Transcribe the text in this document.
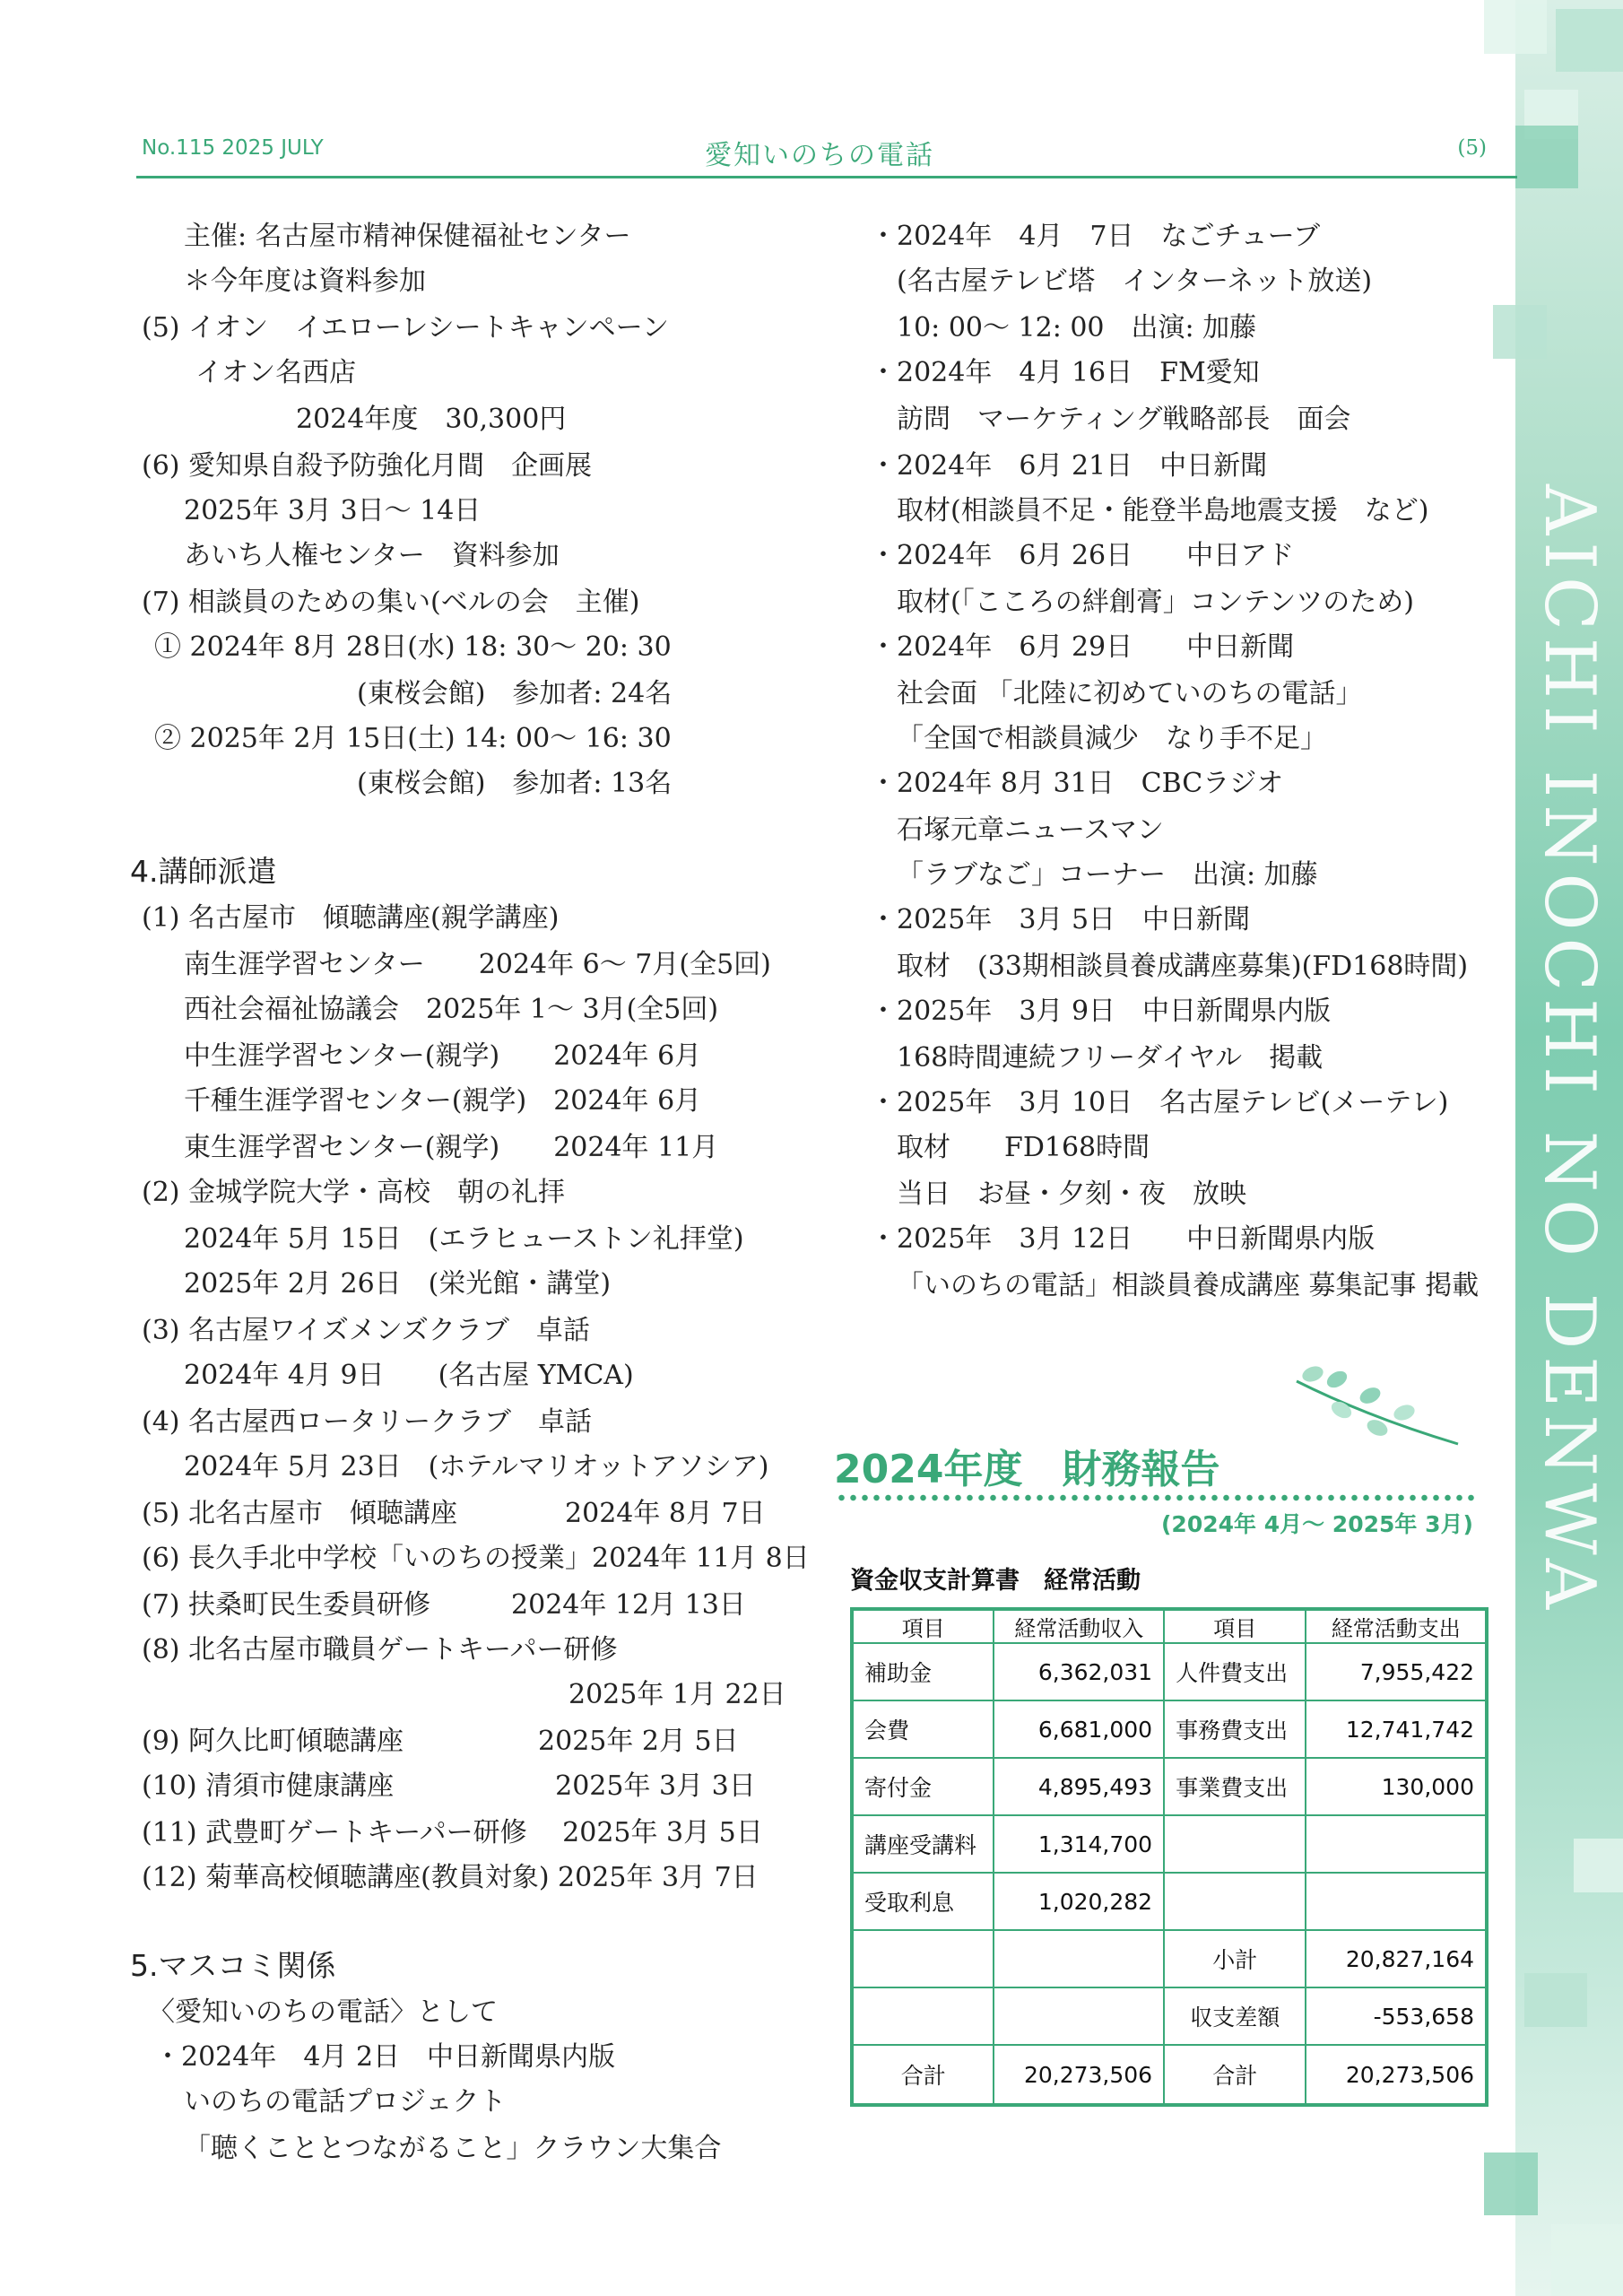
AICHI INOCHI NO DENWA
No.115 2025 JULY	愛知いのちの電話	(5)
主催: 名古屋市精神保健福祉センター
＊今年度は資料参加
(5) イオン　イエローレシートキャンペーン
イオン名西店
2024年度　30,300円
(6) 愛知県自殺予防強化月間　企画展
2025年 3月 3日～ 14日
あいち人権センター　資料参加
(7) 相談員のための集い(ベルの会　主催)
① 2024年 8月 28日(水) 18: 30～ 20: 30
(東桜会館)　参加者: 24名
② 2025年 2月 15日(土) 14: 00～ 16: 30
(東桜会館)　参加者: 13名
4.講師派遣
(1) 名古屋市　傾聴講座(親学講座)
南生涯学習センター　　2024年 6～ 7月(全5回)
西社会福祉協議会　2025年 1～ 3月(全5回)
中生涯学習センター(親学)　　2024年 6月
千種生涯学習センター(親学)　2024年 6月
東生涯学習センター(親学)　　2024年 11月
(2) 金城学院大学・高校　朝の礼拝
2024年 5月 15日　(エラヒューストン礼拝堂)
2025年 2月 26日　(栄光館・講堂)
(3) 名古屋ワイズメンズクラブ　卓話
2024年 4月 9日　　(名古屋 YMCA)
(4) 名古屋西ロータリークラブ　卓話
2024年 5月 23日　(ホテルマリオットアソシア)
(5) 北名古屋市　傾聴講座　　　　2024年 8月 7日
(6) 長久手北中学校「いのちの授業」2024年 11月 8日
(7) 扶桑町民生委員研修　　　2024年 12月 13日
(8) 北名古屋市職員ゲートキーパー研修
2025年 1月 22日
(9) 阿久比町傾聴講座　　　　　2025年 2月 5日
(10) 清須市健康講座　　　　　　2025年 3月 3日
(11) 武豊町ゲートキーパー研修　 2025年 3月 5日
(12) 菊華高校傾聴講座(教員対象) 2025年 3月 7日
5.マスコミ関係
〈愛知いのちの電話〉として
・2024年　4月 2日　中日新聞県内版
いのちの電話プロジェクト
「聴くこととつながること」クラウン大集合
・2024年　4月　7日　なごチューブ
(名古屋テレビ塔　インターネット放送)
10: 00～ 12: 00　出演: 加藤
・2024年　4月 16日　FM愛知
訪問　マーケティング戦略部長　面会
・2024年　6月 21日　中日新聞
取材(相談員不足・能登半島地震支援　など)
・2024年　6月 26日　　中日アド
取材(「こころの絆創膏」コンテンツのため)
・2024年　6月 29日　　中日新聞
社会面 「北陸に初めていのちの電話」
「全国で相談員減少　なり手不足」
・2024年 8月 31日　CBCラジオ
石塚元章ニュースマン
「ラブなご」コーナー　出演: 加藤
・2025年　3月 5日　中日新聞
取材　(33期相談員養成講座募集)(FD168時間)
・2025年　3月 9日　中日新聞県内版
168時間連続フリーダイヤル　掲載
・2025年　3月 10日　名古屋テレビ(メーテレ)
取材　　FD168時間
当日　お昼・夕刻・夜　放映
・2025年　3月 12日　　中日新聞県内版
「いのちの電話」相談員養成講座 募集記事 掲載
2024年度　財務報告
(2024年 4月～ 2025年 3月)
資金収支計算書　経常活動
項目	経常活動収入	項目	経常活動支出
補助金	6,362,031	人件費支出	7,955,422
会費	6,681,000	事務費支出	12,741,742
寄付金	4,895,493	事業費支出	130,000
講座受講料	1,314,700		
受取利息	1,020,282		
		小計	20,827,164
		収支差額	-553,658
合計	20,273,506	合計	20,273,506
